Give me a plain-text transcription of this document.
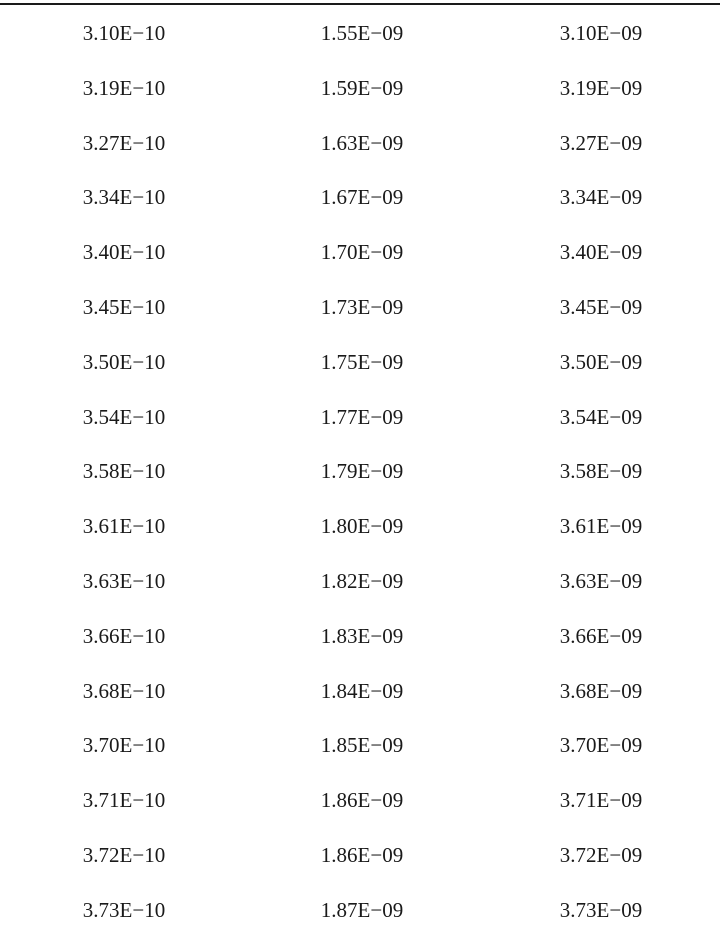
3.10E−10	1.55E−09	3.10E−09
3.19E−10	1.59E−09	3.19E−09
3.27E−10	1.63E−09	3.27E−09
3.34E−10	1.67E−09	3.34E−09
3.40E−10	1.70E−09	3.40E−09
3.45E−10	1.73E−09	3.45E−09
3.50E−10	1.75E−09	3.50E−09
3.54E−10	1.77E−09	3.54E−09
3.58E−10	1.79E−09	3.58E−09
3.61E−10	1.80E−09	3.61E−09
3.63E−10	1.82E−09	3.63E−09
3.66E−10	1.83E−09	3.66E−09
3.68E−10	1.84E−09	3.68E−09
3.70E−10	1.85E−09	3.70E−09
3.71E−10	1.86E−09	3.71E−09
3.72E−10	1.86E−09	3.72E−09
3.73E−10	1.87E−09	3.73E−09
